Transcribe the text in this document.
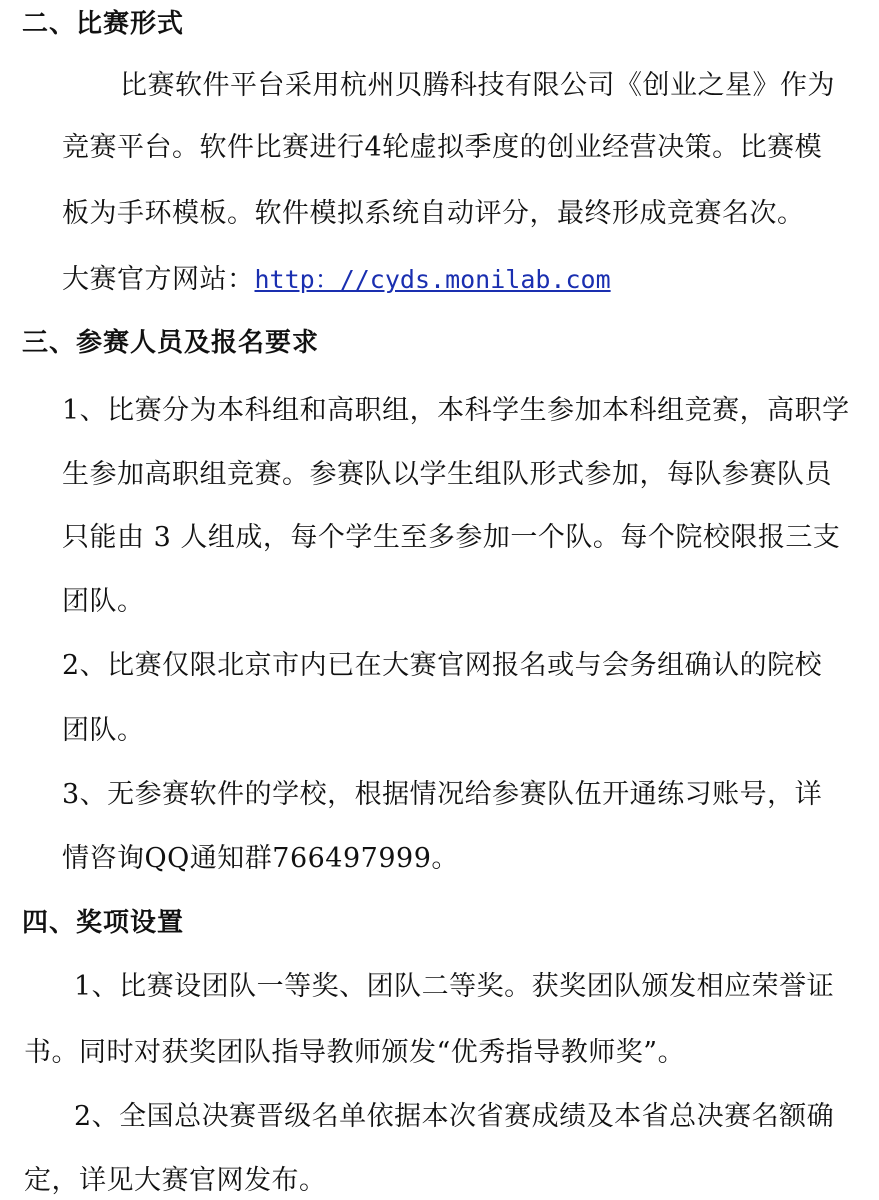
二、比赛形式
比赛软件平台采用杭州贝腾科技有限公司《创业之星》作为
竞赛平台。软件比赛进行4轮虚拟季度的创业经营决策。比赛模
板为手环模板。软件模拟系统自动评分，最终形成竞赛名次。
大赛官方网站：http：//cyds.monilab.com
三、参赛人员及报名要求
1、比赛分为本科组和高职组，本科学生参加本科组竞赛，高职学
生参加高职组竞赛。参赛队以学生组队形式参加，每队参赛队员
只能由 3 人组成，每个学生至多参加一个队。每个院校限报三支
团队。
2、比赛仅限北京市内已在大赛官网报名或与会务组确认的院校
团队。
3、无参赛软件的学校，根据情况给参赛队伍开通练习账号，详
情咨询QQ通知群766497999。
四、奖项设置
1、比赛设团队一等奖、团队二等奖。获奖团队颁发相应荣誉证
书。同时对获奖团队指导教师颁发“优秀指导教师奖”。
2、全国总决赛晋级名单依据本次省赛成绩及本省总决赛名额确
定，详见大赛官网发布。
